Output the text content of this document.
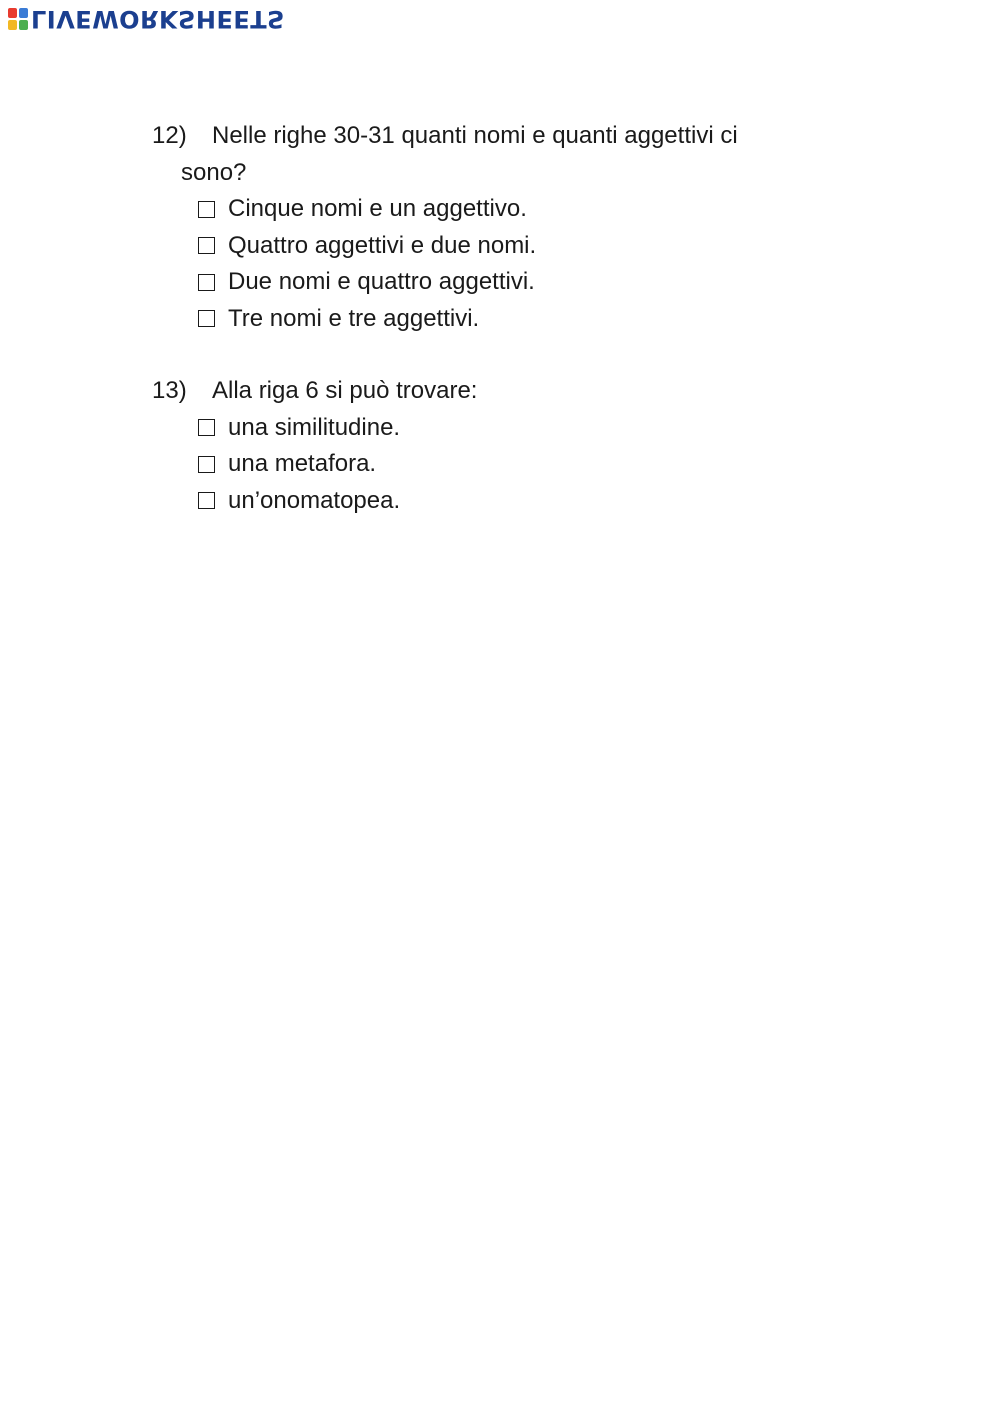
LIVEWORKSHEETS
12) Nelle righe 30-31 quanti nomi e quanti aggettivi ci
sono?
Cinque nomi e un aggettivo.
Quattro aggettivi e due nomi.
Due nomi e quattro aggettivi.
Tre nomi e tre aggettivi.
13) Alla riga 6 si può trovare:
una similitudine.
una metafora.
un’onomatopea.
